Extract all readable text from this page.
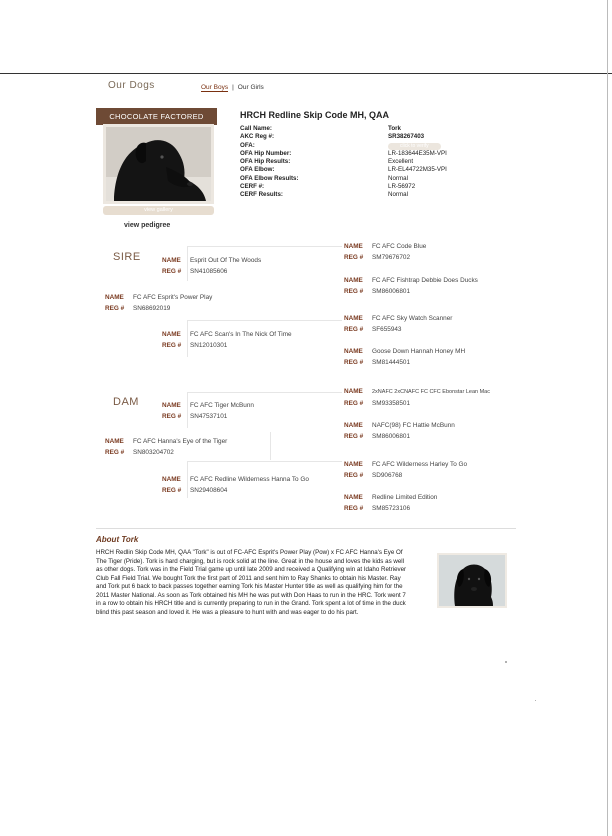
Our Dogs	Our Boys | Our Girls
CHOCOLATE FACTORED
view gallery
view pedigree
HRCH Redline Skip Code MH, QAA
Call Name:
AKC Reg #:
OFA:
OFA Hip Number:
OFA Hip Results:
OFA Elbow:
OFA Elbow Results:
CERF #:
CERF Results:
Tork
SR38267403
click to verify
LR-183644E35M-VPI
Excellent
LR-EL44722M35-VPI
Normal
LR-56972
Normal
SIRE
DAM
NAME FC AFC Esprit's Power Play
REG # SN68692019
NAME FC AFC Hanna's Eye of the Tiger
REG # SN803204702
NAME Esprit Out Of The Woods
REG # SN41085606
NAME FC AFC Scan's In The Nick Of Time
REG # SN12010301
NAME FC AFC Tiger McBunn
REG # SN47537101
NAME FC AFC Redline Wilderness Hanna To Go
REG # SN29408604
NAME FC AFC Code Blue
REG # SM79676702
NAME FC AFC Fishtrap Debbie Does Ducks
REG # SM86006801
NAME FC AFC Sky Watch Scanner
REG # SF655943
NAME Goose Down Hannah Honey MH
REG # SM81444501
NAME 2xNAFC 2xCNAFC FC CFC Ebonstar Lean Mac
REG # SM93358501
NAME NAFC(98) FC Hattie McBunn
REG # SM86006801
NAME FC AFC Wilderness Harley To Go
REG # SD906768
NAME Redline Limited Edition
REG # SM85723106
About Tork
HRCH Redlin Skip Code MH, QAA "Tork" is out of FC-AFC Esprit's Power Play (Pow) x FC AFC Hanna's Eye Of
The Tiger (Pride). Tork is hard charging, but is rock solid at the line. Great in the house and loves the kids as well
as other dogs. Tork was in the Field Trial game up until late 2009 and received a Qualifying win at Idaho Retriever
Club Fall Field Trial. We bought Tork the first part of 2011 and sent him to Ray Shanks to obtain his Master. Ray
and Tork put 6 back to back passes together earning Tork his Master Hunter title as well as qualifying him for the
2011 Master National. As soon as Tork obtained his MH he was put with Don Haas to run in the HRC. Tork went 7
in a row to obtain his HRCH title and is currently preparing to run in the Grand. Tork spent a lot of time in the duck
blind this past season and loved it. He was a pleasure to hunt with and was eager to do his part.
